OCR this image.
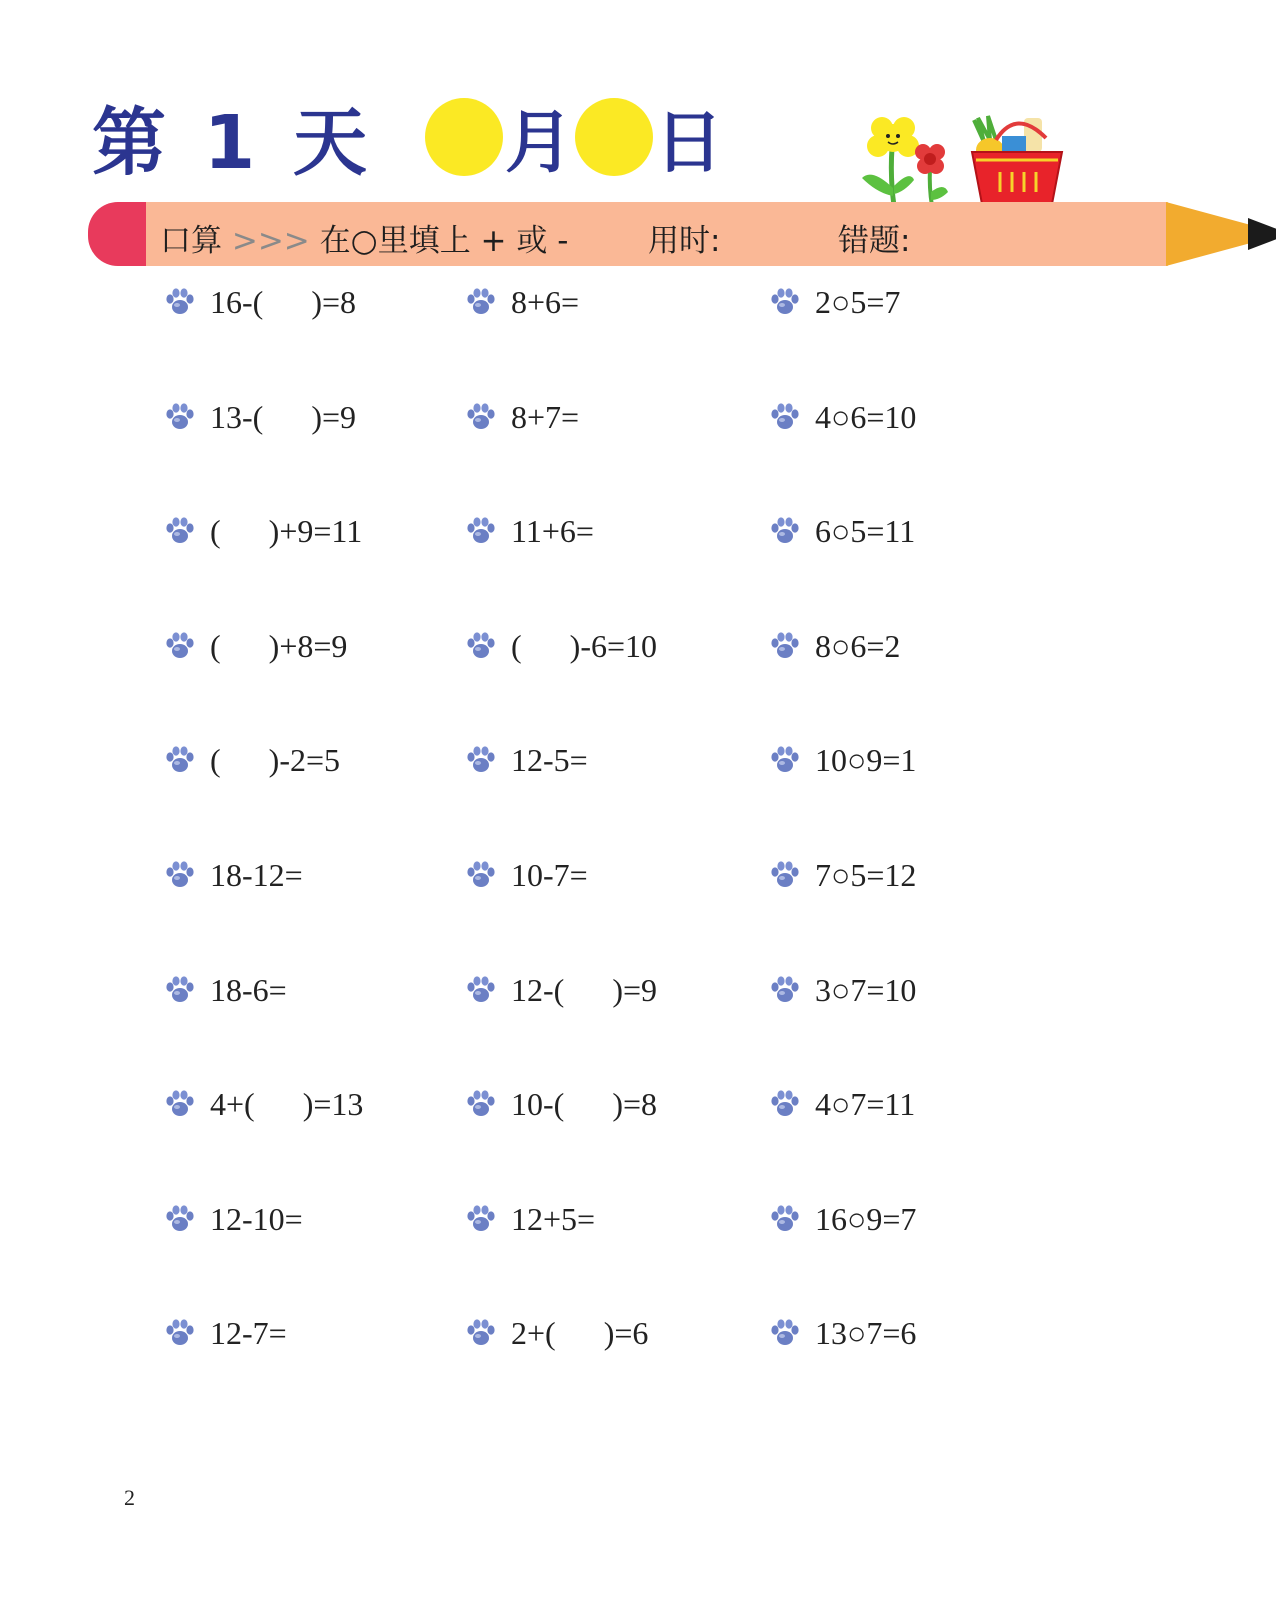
第 1 天 月 日
口算 >>> 在○里填上 + 或 -	用时:	错题:
16-(      )=8
13-(      )=9
(      )+9=11
(      )+8=9
(      )-2=5
18-12=
18-6=
4+(      )=13
12-10=
12-7=
8+6=
8+7=
11+6=
(      )-6=10
12-5=
10-7=
12-(      )=9
10-(      )=8
12+5=
2+(      )=6
2○5=7
4○6=10
6○5=11
8○6=2
10○9=1
7○5=12
3○7=10
4○7=11
16○9=7
13○7=6
2
